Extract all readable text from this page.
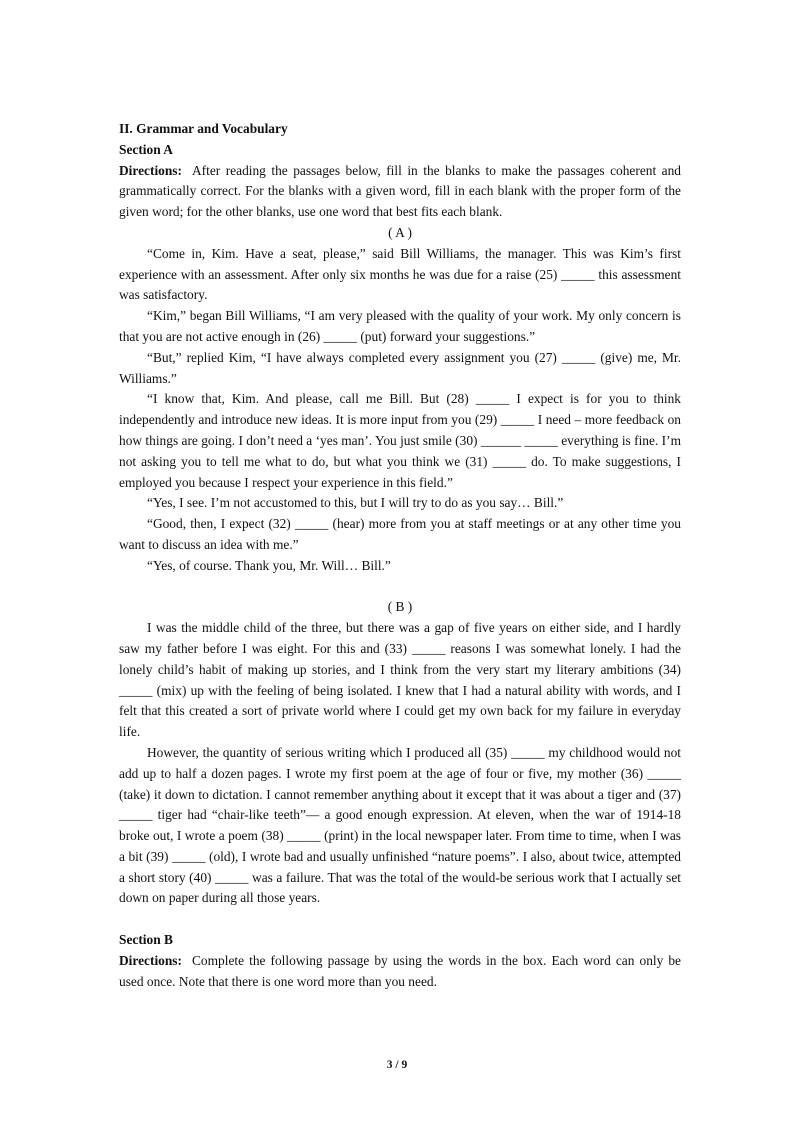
II. Grammar and Vocabulary

Section A

Directions: After reading the passages below, fill in the blanks to make the passages coherent and grammatically correct. For the blanks with a given word, fill in each blank with the proper form of the given word; for the other blanks, use one word that best fits each blank.

( A )

“Come in, Kim. Have a seat, please,” said Bill Williams, the manager. This was Kim’s first experience with an assessment. After only six months he was due for a raise (25) _____ this assessment was satisfactory.

“Kim,” began Bill Williams, “I am very pleased with the quality of your work. My only concern is that you are not active enough in (26) _____ (put) forward your suggestions.”

“But,” replied Kim, “I have always completed every assignment you (27) _____ (give) me, Mr. Williams.”

“I know that, Kim. And please, call me Bill. But (28) _____ I expect is for you to think independently and introduce new ideas. It is more input from you (29) _____ I need – more feedback on how things are going. I don’t need a ‘yes man’. You just smile (30) ______ _____ everything is fine. I’m not asking you to tell me what to do, but what you think we (31) _____ do. To make suggestions, I employed you because I respect your experience in this field.”

“Yes, I see. I’m not accustomed to this, but I will try to do as you say… Bill.”

“Good, then, I expect (32) _____ (hear) more from you at staff meetings or at any other time you want to discuss an idea with me.”

“Yes, of course. Thank you, Mr. Will… Bill.”

( B )

I was the middle child of the three, but there was a gap of five years on either side, and I hardly saw my father before I was eight. For this and (33) _____ reasons I was somewhat lonely. I had the lonely child’s habit of making up stories, and I think from the very start my literary ambitions (34) _____ (mix) up with the feeling of being isolated. I knew that I had a natural ability with words, and I felt that this created a sort of private world where I could get my own back for my failure in everyday life.

However, the quantity of serious writing which I produced all (35) _____ my childhood would not add up to half a dozen pages. I wrote my first poem at the age of four or five, my mother (36) _____ (take) it down to dictation. I cannot remember anything about it except that it was about a tiger and (37) _____ tiger had “chair-like teeth”— a good enough expression. At eleven, when the war of 1914-18 broke out, I wrote a poem (38) _____ (print) in the local newspaper later. From time to time, when I was a bit (39) _____ (old), I wrote bad and usually unfinished “nature poems”. I also, about twice, attempted a short story (40) _____ was a failure. That was the total of the would-be serious work that I actually set down on paper during all those years.

Section B

Directions: Complete the following passage by using the words in the box. Each word can only be used once. Note that there is one word more than you need.

3 / 9
